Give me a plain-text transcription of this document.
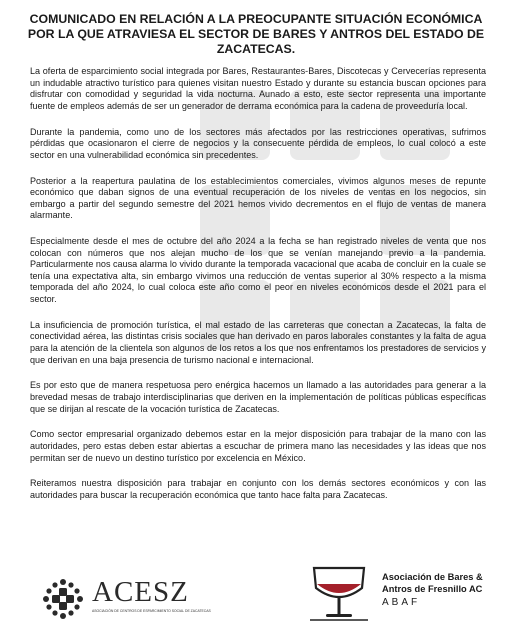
COMUNICADO EN RELACIÓN A LA PREOCUPANTE SITUACIÓN ECONÓMICA POR LA QUE ATRAVIESA EL SECTOR DE BARES Y ANTROS DEL ESTADO DE ZACATECAS.

La oferta de esparcimiento social integrada por Bares, Restaurantes-Bares, Discotecas y Cervecerías representa un indudable atractivo turístico para quienes visitan nuestro Estado y durante su estancia buscan opciones para disfrutar con comodidad y seguridad la vida nocturna. Aunado a esto, este sector representa una importante fuente de empleos además de ser un generador de derrama económica para la cadena de proveeduría local.

Durante la pandemia, como uno de los sectores más afectados por las restricciones operativas, sufrimos pérdidas que ocasionaron el cierre de negocios y la consecuente pérdida de empleos, lo cual colocó a este sector en una vulnerabilidad económica sin precedentes.

Posterior a la reapertura paulatina de los establecimientos comerciales, vivimos algunos meses de repunte económico que daban signos de una eventual recuperación de los niveles de ventas en los negocios, sin embargo a partir del segundo semestre del 2021 hemos vivido decrementos en el flujo de ventas de manera alarmante.

Especialmente desde el mes de octubre del año 2024 a la fecha se han registrado niveles de venta que nos colocan con números que nos alejan mucho de los que se venían manejando previo a la pandemia. Particularmente nos causa alarma lo vivido durante la temporada vacacional que acaba de concluir en la cuale se tenía una expectativa alta, sin embargo vivimos una reducción de ventas superior al 30% respecto a la misma temporada del año 2024, lo cual coloca este año como el peor en niveles económicos desde el 2021 para el sector.

La insuficiencia de promoción turística, el mal estado de las carreteras que conectan a Zacatecas, la falta de conectividad aérea, las distintas crisis sociales que han derivado en paros laborales constantes y la falta de agua para la atención de la clientela son algunos de los retos a los que nos enfrentamos los prestadores de servicios y que derivan en una baja presencia de turismo nacional e internacional.

Es por esto que de manera respetuosa pero enérgica hacemos un llamado a las autoridades para generar a la brevedad mesas de trabajo interdisciplinarias que deriven en la implementación de políticas públicas específicas que se dirijan al rescate de la vocación turística de Zacatecas.

Como sector empresarial organizado debemos estar en la mejor disposición para trabajar de la mano con las autoridades, pero estas deben estar abiertas a escuchar de primera mano las necesidades y las ideas que nos permitan ser de nuevo un destino turístico por excelencia en México.

Reiteramos nuestra disposición para trabajar en conjunto con los demás sectores económicos y con las autoridades para buscar la recuperación económica que tanto hace falta para Zacatecas.

ACESZ
ASOCIACIÓN DE CENTROS DE ESPARCIMIENTO SOCIAL DE ZACATECAS
Asociación de Bares &
Antros de Fresnillo AC
ABAF
